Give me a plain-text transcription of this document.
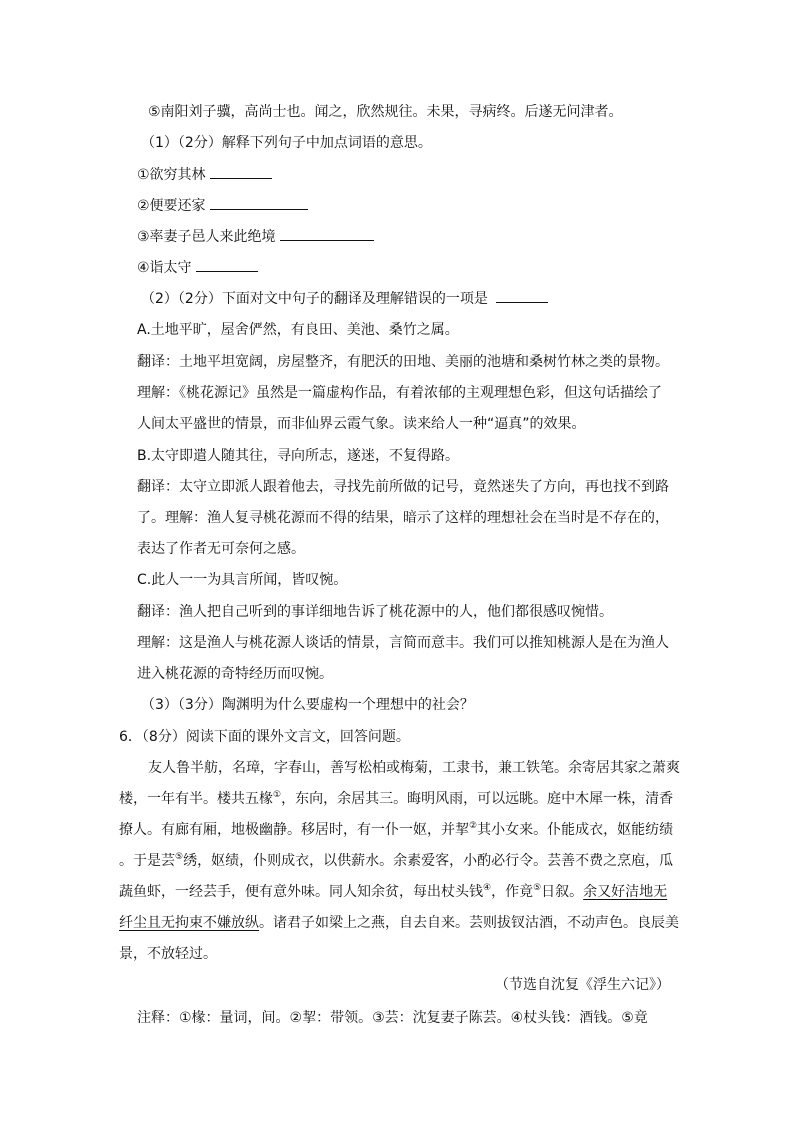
⑤南阳刘子骥，高尚士也。闻之，欣然规往。未果，寻病终。后遂无问津者。
（1）（2分）解释下列句子中加点词语的意思。
①欲穷其林
②便要还家
③率妻子邑人来此绝境
④诣太守
（2）（2分）下面对文中句子的翻译及理解错误的一项是
A.土地平旷，屋舍俨然，有良田、美池、桑竹之属。
翻译：土地平坦宽阔，房屋整齐，有肥沃的田地、美丽的池塘和桑树竹林之类的景物。
理解：《桃花源记》虽然是一篇虚构作品，有着浓郁的主观理想色彩，但这句话描绘了
人间太平盛世的情景，而非仙界云霞气象。读来给人一种“逼真”的效果。
B.太守即遣人随其往，寻向所志，遂迷，不复得路。
翻译：太守立即派人跟着他去，寻找先前所做的记号，竟然迷失了方向，再也找不到路
了。理解：渔人复寻桃花源而不得的结果，暗示了这样的理想社会在当时是不存在的，
表达了作者无可奈何之感。
C.此人一一为具言所闻，皆叹惋。
翻译：渔人把自己听到的事详细地告诉了桃花源中的人，他们都很感叹惋惜。
理解：这是渔人与桃花源人谈话的情景，言简而意丰。我们可以推知桃源人是在为渔人
进入桃花源的奇特经历而叹惋。
（3）（3分）陶渊明为什么要虚构一个理想中的社会？
6．（8分）阅读下面的课外文言文，回答问题。
友人鲁半舫，名璋，字春山，善写松柏或梅菊，工隶书，兼工铁笔。余寄居其家之萧爽
楼，一年有半。楼共五椽①，东向，余居其三。晦明风雨，可以远眺。庭中木犀一株，清香
撩人。有廊有厢，地极幽静。移居时，有一仆一妪，并挈②其小女来。仆能成衣，妪能纺绩
。于是芸⑤绣，妪绩，仆则成衣，以供薪水。余素爱客，小酌必行令。芸善不费之烹庖，瓜
蔬鱼虾，一经芸手，便有意外味。同人知余贫，每出杖头钱④，作竟⑤日叙。余又好洁地无
纤尘且无拘束不嫌放纵。诸君子如梁上之燕，自去自来。芸则拔钗沽酒，不动声色。良辰美
景，不放轻过。
（节选自沈复《浮生六记》）
注释：①椽：量词，间。②挈：带领。③芸：沈复妻子陈芸。④杖头钱：酒钱。⑤竟
